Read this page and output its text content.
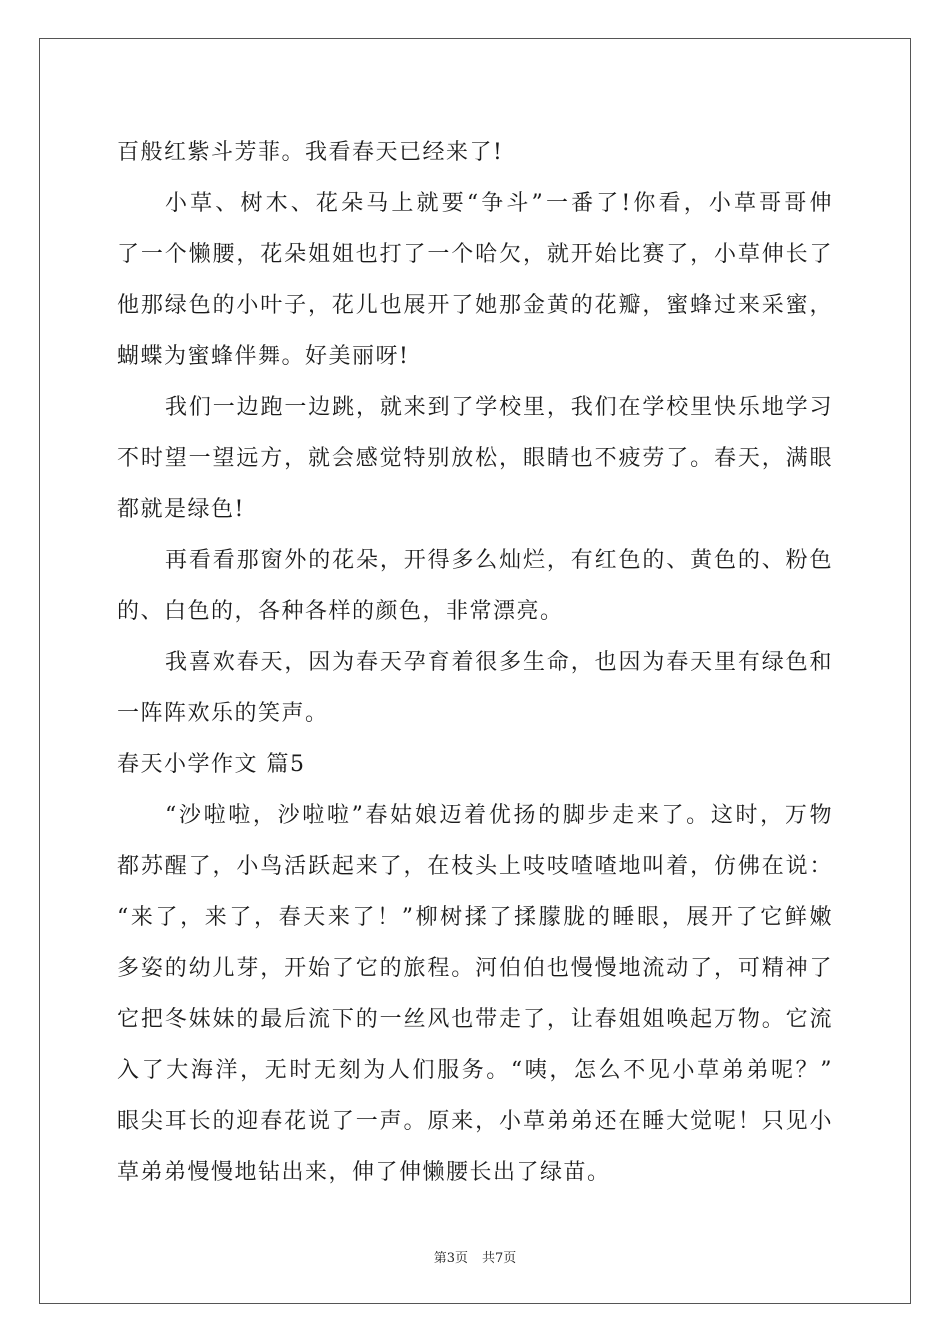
百般红紫斗芳菲。我看春天已经来了!
小草、树木、花朵马上就要“争斗”一番了!你看，小草哥哥伸
了一个懒腰，花朵姐姐也打了一个哈欠，就开始比赛了，小草伸长了
他那绿色的小叶子，花儿也展开了她那金黄的花瓣，蜜蜂过来采蜜，
蝴蝶为蜜蜂伴舞。好美丽呀!
我们一边跑一边跳，就来到了学校里，我们在学校里快乐地学习
不时望一望远方，就会感觉特别放松，眼睛也不疲劳了。春天，满眼
都就是绿色!
再看看那窗外的花朵，开得多么灿烂，有红色的、黄色的、粉色
的、白色的，各种各样的颜色，非常漂亮。
我喜欢春天，因为春天孕育着很多生命，也因为春天里有绿色和
一阵阵欢乐的笑声。
春天小学作文 篇5
“沙啦啦，沙啦啦”春姑娘迈着优扬的脚步走来了。这时，万物
都苏醒了，小鸟活跃起来了，在枝头上吱吱喳喳地叫着，仿佛在说：
“来了，来了，春天来了！”柳树揉了揉朦胧的睡眼，展开了它鲜嫩
多姿的幼儿芽，开始了它的旅程。河伯伯也慢慢地流动了，可精神了
它把冬妹妹的最后流下的一丝风也带走了，让春姐姐唤起万物。它流
入了大海洋，无时无刻为人们服务。“咦，怎么不见小草弟弟呢？”
眼尖耳长的迎春花说了一声。原来，小草弟弟还在睡大觉呢！只见小
草弟弟慢慢地钻出来，伸了伸懒腰长出了绿苗。
第3页 共7页
